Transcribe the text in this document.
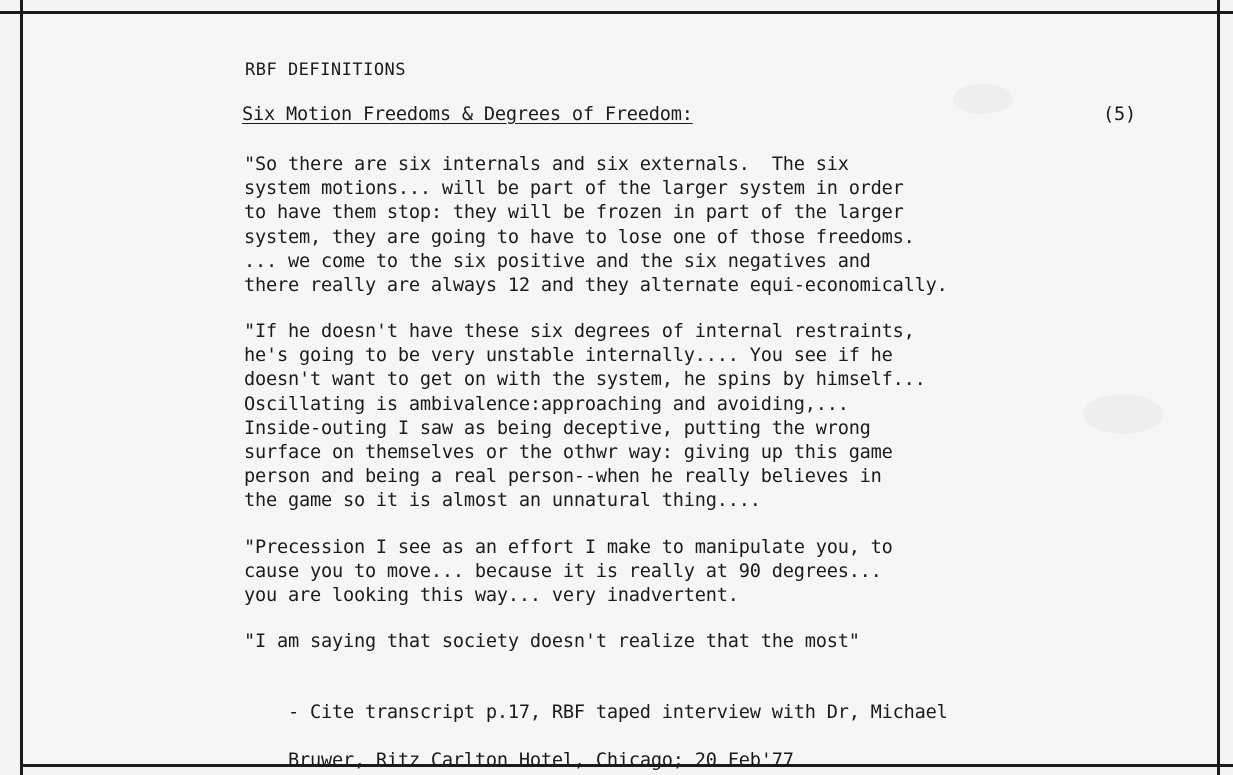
RBF DEFINITIONS
Six Motion Freedoms & Degrees of Freedom:	(5)

"So there are six internals and six externals.  The six
system motions... will be part of the larger system in order
to have them stop: they will be frozen in part of the larger
system, they are going to have to lose one of those freedoms.
... we come to the six positive and the six negatives and
there really are always 12 and they alternate equi-economically.

"If he doesn't have these six degrees of internal restraints,
he's going to be very unstable internally.... You see if he
doesn't want to get on with the system, he spins by himself...
Oscillating is ambivalence:approaching and avoiding,...
Inside-outing I saw as being deceptive, putting the wrong
surface on themselves or the othwr way: giving up this game
person and being a real person--when he really believes in
the game so it is almost an unnatural thing....

"Precession I see as an effort I make to manipulate you, to
cause you to move... because it is really at 90 degrees...
you are looking this way... very inadvertent.

"I am saying that society doesn't realize that the most"

- Cite transcript p.17, RBF taped interview with Dr, Michael

Bruwer, Ritz Carlton Hotel, Chicago; 20 Feb'77
